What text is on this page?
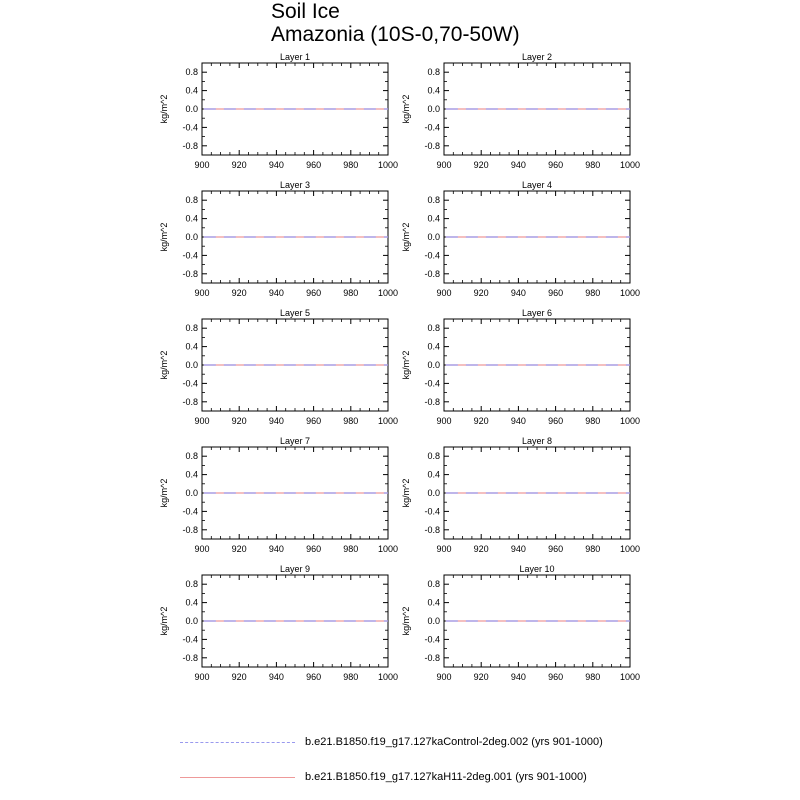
Soil Ice
Amazonia (10S-0,70-50W)
Layer 1
900 920 940 960 980 1000
-0.8
-0.4
0.0
0.4
0.8
kg/m^2
Layer 2
900 920 940 960 980 1000
-0.8
-0.4
0.0
0.4
0.8
kg/m^2
Layer 3
900 920 940 960 980 1000
-0.8
-0.4
0.0
0.4
0.8
kg/m^2
Layer 4
900 920 940 960 980 1000
-0.8
-0.4
0.0
0.4
0.8
kg/m^2
Layer 5
900 920 940 960 980 1000
-0.8
-0.4
0.0
0.4
0.8
kg/m^2
Layer 6
900 920 940 960 980 1000
-0.8
-0.4
0.0
0.4
0.8
kg/m^2
Layer 7
900 920 940 960 980 1000
-0.8
-0.4
0.0
0.4
0.8
kg/m^2
Layer 8
900 920 940 960 980 1000
-0.8
-0.4
0.0
0.4
0.8
kg/m^2
Layer 9
900 920 940 960 980 1000
-0.8
-0.4
0.0
0.4
0.8
kg/m^2
Layer 10
900 920 940 960 980 1000
-0.8
-0.4
0.0
0.4
0.8
kg/m^2
b.e21.B1850.f19_g17.127kaControl-2deg.002 (yrs 901-1000)
b.e21.B1850.f19_g17.127kaH11-2deg.001 (yrs 901-1000)
